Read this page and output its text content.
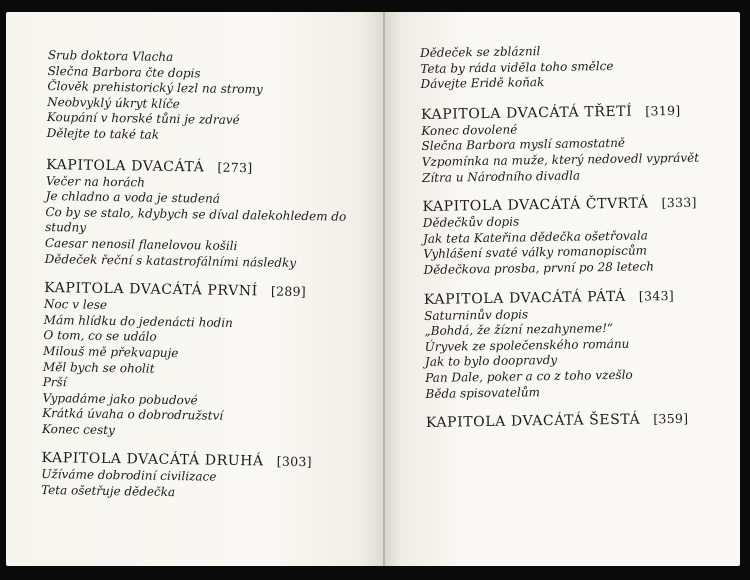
Srub doktora Vlacha
Slečna Barbora čte dopis
Člověk prehistorický lezl na stromy
Neobvyklý úkryt klíče
Koupání v horské tůni je zdravé
Dělejte to také tak
KAPITOLA DVACÁTÁ [273]
Večer na horách
Je chladno a voda je studená
Co by se stalo, kdybych se díval dalekohledem do studny
Caesar nenosil flanelovou košili
Dědeček řeční s katastrofálními následky
KAPITOLA DVACÁTÁ PRVNÍ [289]
Noc v lese
Mám hlídku do jedenácti hodin
O tom, co se událo
Milouš mě překvapuje
Měl bych se oholit
Prší
Vypadáme jako pobudové
Krátká úvaha o dobrodružství
Konec cesty
KAPITOLA DVACÁTÁ DRUHÁ [303]
Užíváme dobrodiní civilizace
Teta ošetřuje dědečka
Dědeček se zbláznil
Teta by ráda viděla toho smělce
Dávejte Eridě koňak
KAPITOLA DVACÁTÁ TŘETÍ [319]
Konec dovolené
Slečna Barbora myslí samostatně
Vzpomínka na muže, který nedovedl vyprávět
Zítra u Národního divadla
KAPITOLA DVACÁTÁ ČTVRTÁ [333]
Dědečkův dopis
Jak teta Kateřina dědečka ošetřovala
Vyhlášení svaté války romanopiscům
Dědečkova prosba, první po 28 letech
KAPITOLA DVACÁTÁ PÁTÁ [343]
Saturninův dopis
„Bohdá, že žízní nezahyneme!“
Úryvek ze společenského románu
Jak to bylo doopravdy
Pan Dale, poker a co z toho vzešlo
Běda spisovatelům
KAPITOLA DVACÁTÁ ŠESTÁ [359]
